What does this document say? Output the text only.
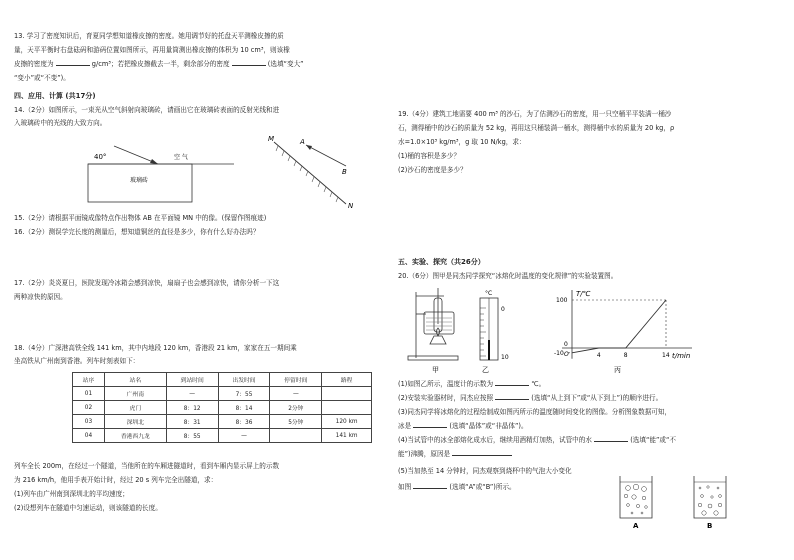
13. 学习了密度知识后，育夏同学想知道橡皮擦的密度。她用调节好的托盘天平测橡皮擦的质
量，天平平衡时右盘砝码和游码位置如图所示，再用量筒测出橡皮擦的体积为 10 cm³，则该橡
皮擦的密度为	g/cm³；若把橡皮擦截去一半，剩余部分的密度	(选填“变大”
“变小”或“不变”)。
四、应用、计算 (共17分)
14.（2分）如图所示，一束光从空气斜射向玻璃砖，请画出它在玻璃砖表面的反射光线和进
入玻璃砖中的光线的大致方向。
40°	空 气
玻璃砖
M	A
B
N
15.（2分）请根据平面镜成像特点作出物体 AB 在平面镜 MN 中的像。(保留作图痕迹)
16.（2分）测误学完长度的测量后，想知道铜丝的直径是多少，你有什么好办法吗？
17.（2分）炎炎夏日，医院发现冷冰箱会感到凉快，扇扇子也会感到凉快，请你分析一下这
两种凉快的原因。
18.（4分）广深港高铁全线 141 km，其中内地段 120 km，香港段 21 km，家家在五一期间乘
坐高铁从广州南到香港。列车时刻表如下：
站序	站名	到站时间	出发时间	停留时间	路程
01	广州南	—	7：55	—	
02	虎门	8：12	8：14	2分钟	
03	深圳北	8：31	8：36	5分钟	120 km
04	香港西九龙	8：55	—		141 km
列车全长 200m，在经过一个隧道，当他所在的车厢进隧道时，看到车厢内显示屏上的示数
为 216 km/h，他用手表开始计时，经过 20 s 列车完全出隧道，求：
(1)列车由广州南到深圳北的平均速度；
(2)设想列车在隧道中匀速运动，则该隧道的长度。
19.（4分）建筑工地需要 400 m³ 的沙石，为了估测沙石的密度，用一只空桶平平装满一桶沙
石，测得桶中的沙石的质量为 52 kg，再用这只桶装满一桶水，测得桶中水的质量为 20 kg，ρ
水=1.0×10³ kg/m³，g 取 10 N/kg，求：
(1)桶的容积是多少？
(2)沙石的密度是多少？
五、实验、探究（共26分）
20.（6分）图甲是同杰同学探究“冰熔化时温度的变化规律”的实验装置图。
甲
°C
0
10
乙
t/min
T/℃
O	4	8	14
100
0
-10
丙
(1)如图乙所示，温度计的示数为	℃。
(2)安装实验器材时，同杰应按照	(选填“从上到下”或“从下到上”)的顺序进行。
(3)同杰同学将冰熔化的过程绘制成如图丙所示的温度随时间变化的图像。分析图象数据可知，
冰是	(选填“晶体”或“非晶体”)。
(4)当试管中的冰全部熔化成水后，继续用酒精灯加热，试管中的水	(选填“能”或“不
能”)沸腾，原因是
(5)当加热至 14 分钟时，同杰观察到烧杯中的气泡大小变化
如图	(选填“A”或“B”)所示。
A	B
